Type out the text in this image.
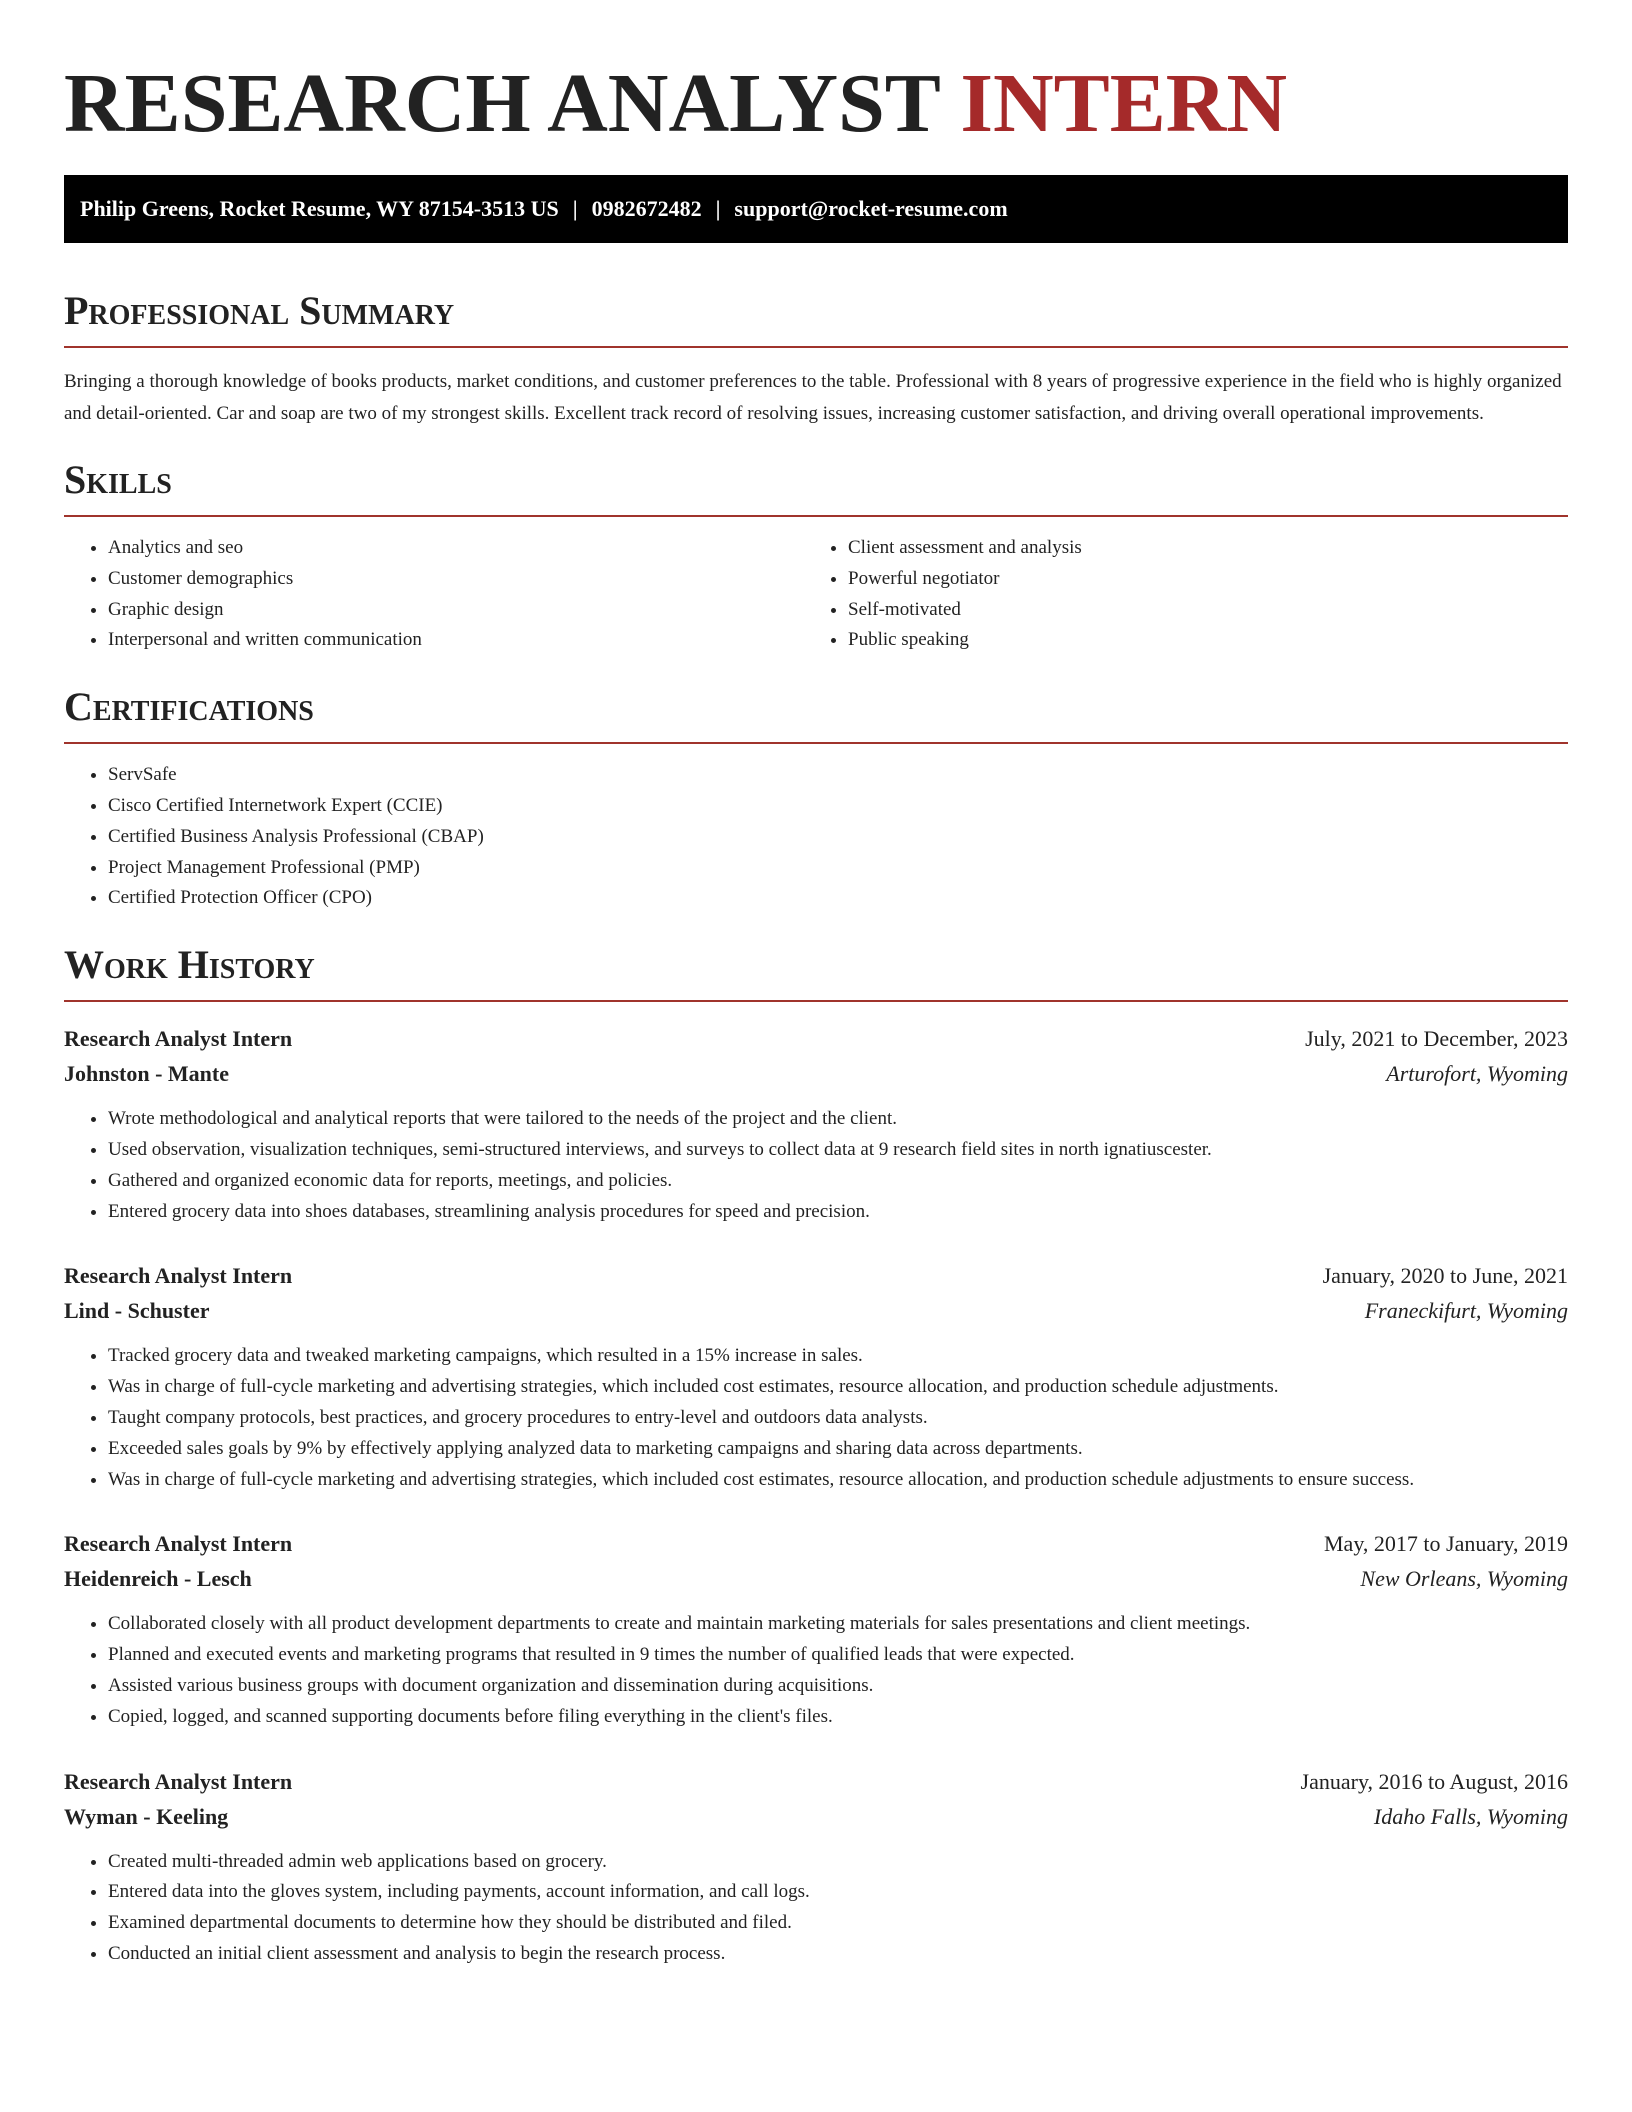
RESEARCH ANALYST INTERN
Philip Greens, Rocket Resume, WY 87154-3513 US | 0982672482 | support@rocket-resume.com
Professional Summary

Bringing a thorough knowledge of books products, market conditions, and customer preferences to the table. Professional with 8 years of progressive experience in the field who is highly organized and detail-oriented. Car and soap are two of my strongest skills. Excellent track record of resolving issues, increasing customer satisfaction, and driving overall operational improvements.

Skills
• Analytics and seo
• Customer demographics
• Graphic design
• Interpersonal and written communication
• Client assessment and analysis
• Powerful negotiator
• Self-motivated
• Public speaking
Certifications
• ServSafe
• Cisco Certified Internetwork Expert (CCIE)
• Certified Business Analysis Professional (CBAP)
• Project Management Professional (PMP)
• Certified Protection Officer (CPO)
Work History
Research Analyst Intern	July, 2021 to December, 2023
Johnston - Mante	Arturofort, Wyoming
• Wrote methodological and analytical reports that were tailored to the needs of the project and the client.
• Used observation, visualization techniques, semi-structured interviews, and surveys to collect data at 9 research field sites in north ignatiuscester.
• Gathered and organized economic data for reports, meetings, and policies.
• Entered grocery data into shoes databases, streamlining analysis procedures for speed and precision.
Research Analyst Intern	January, 2020 to June, 2021
Lind - Schuster	Franeckifurt, Wyoming
• Tracked grocery data and tweaked marketing campaigns, which resulted in a 15% increase in sales.
• Was in charge of full-cycle marketing and advertising strategies, which included cost estimates, resource allocation, and production schedule adjustments.
• Taught company protocols, best practices, and grocery procedures to entry-level and outdoors data analysts.
• Exceeded sales goals by 9% by effectively applying analyzed data to marketing campaigns and sharing data across departments.
• Was in charge of full-cycle marketing and advertising strategies, which included cost estimates, resource allocation, and production schedule adjustments to ensure success.
Research Analyst Intern	May, 2017 to January, 2019
Heidenreich - Lesch	New Orleans, Wyoming
• Collaborated closely with all product development departments to create and maintain marketing materials for sales presentations and client meetings.
• Planned and executed events and marketing programs that resulted in 9 times the number of qualified leads that were expected.
• Assisted various business groups with document organization and dissemination during acquisitions.
• Copied, logged, and scanned supporting documents before filing everything in the client's files.
Research Analyst Intern	January, 2016 to August, 2016
Wyman - Keeling	Idaho Falls, Wyoming
• Created multi-threaded admin web applications based on grocery.
• Entered data into the gloves system, including payments, account information, and call logs.
• Examined departmental documents to determine how they should be distributed and filed.
• Conducted an initial client assessment and analysis to begin the research process.
